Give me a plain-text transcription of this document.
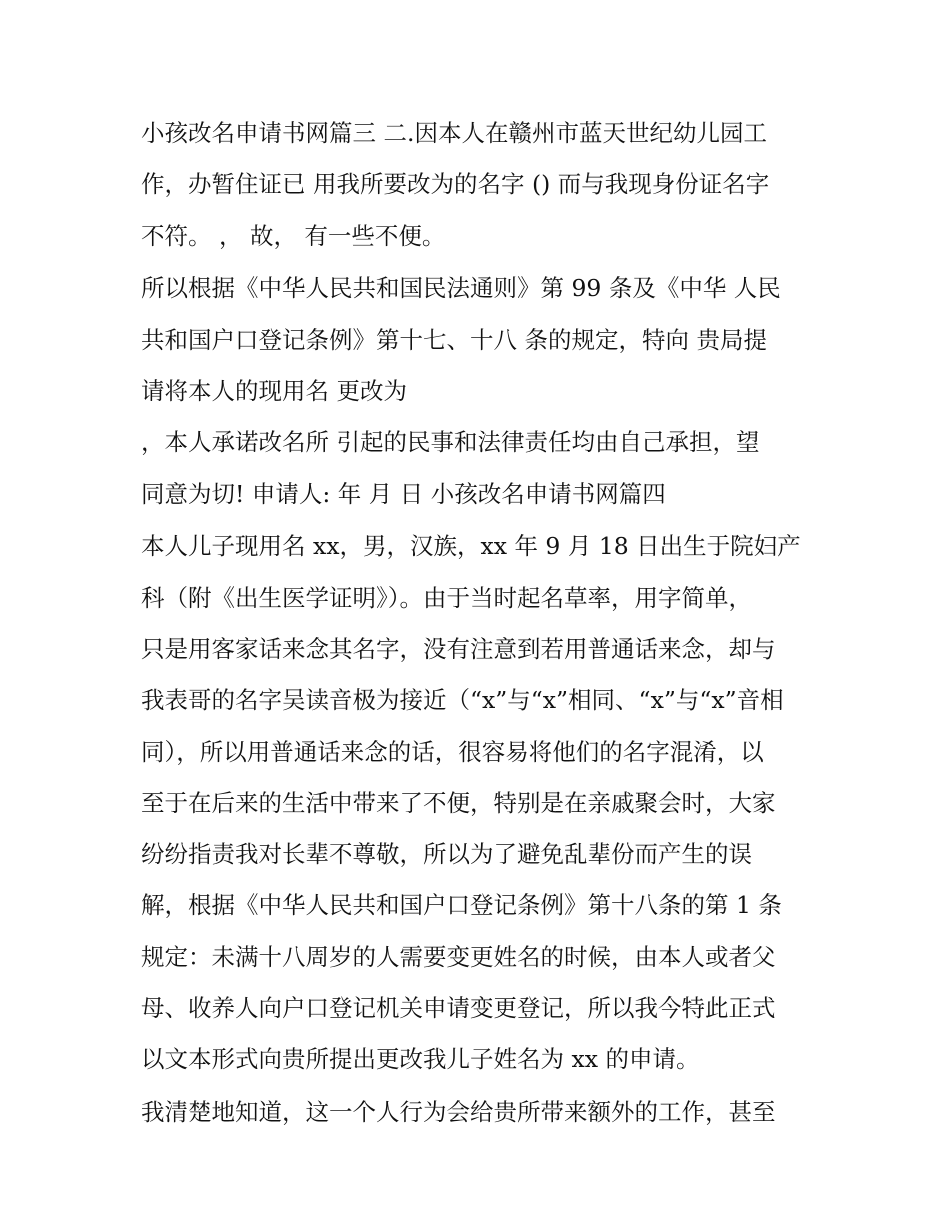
小孩改名申请书网篇三 二.因本人在赣州市蓝天世纪幼儿园工
作，办暂住证已 用我所要改为的名字 () 而与我现身份证名字
不符。 ， 故， 有一些不便。
所以根据《中华人民共和国民法通则》第 99 条及《中华 人民
共和国户口登记条例》第十七、十八 条的规定，特向 贵局提
请将本人的现用名 更改为
，本人承诺改名所 引起的民事和法律责任均由自己承担，望
同意为切! 申请人: 年 月 日 小孩改名申请书网篇四
本人儿子现用名 xx，男，汉族，xx 年 9 月 18 日出生于院妇产
科（附《出生医学证明》）。由于当时起名草率，用字简单，
只是用客家话来念其名字，没有注意到若用普通话来念，却与
我表哥的名字吴读音极为接近（“x”与“x”相同、“x”与“x”音相
同），所以用普通话来念的话，很容易将他们的名字混淆，以
至于在后来的生活中带来了不便，特别是在亲戚聚会时，大家
纷纷指责我对长辈不尊敬，所以为了避免乱辈份而产生的误
解，根据《中华人民共和国户口登记条例》第十八条的第 1 条
规定：未满十八周岁的人需要变更姓名的时候，由本人或者父
母、收养人向户口登记机关申请变更登记，所以我今特此正式
以文本形式向贵所提出更改我儿子姓名为 xx 的申请。
我清楚地知道，这一个人行为会给贵所带来额外的工作，甚至
